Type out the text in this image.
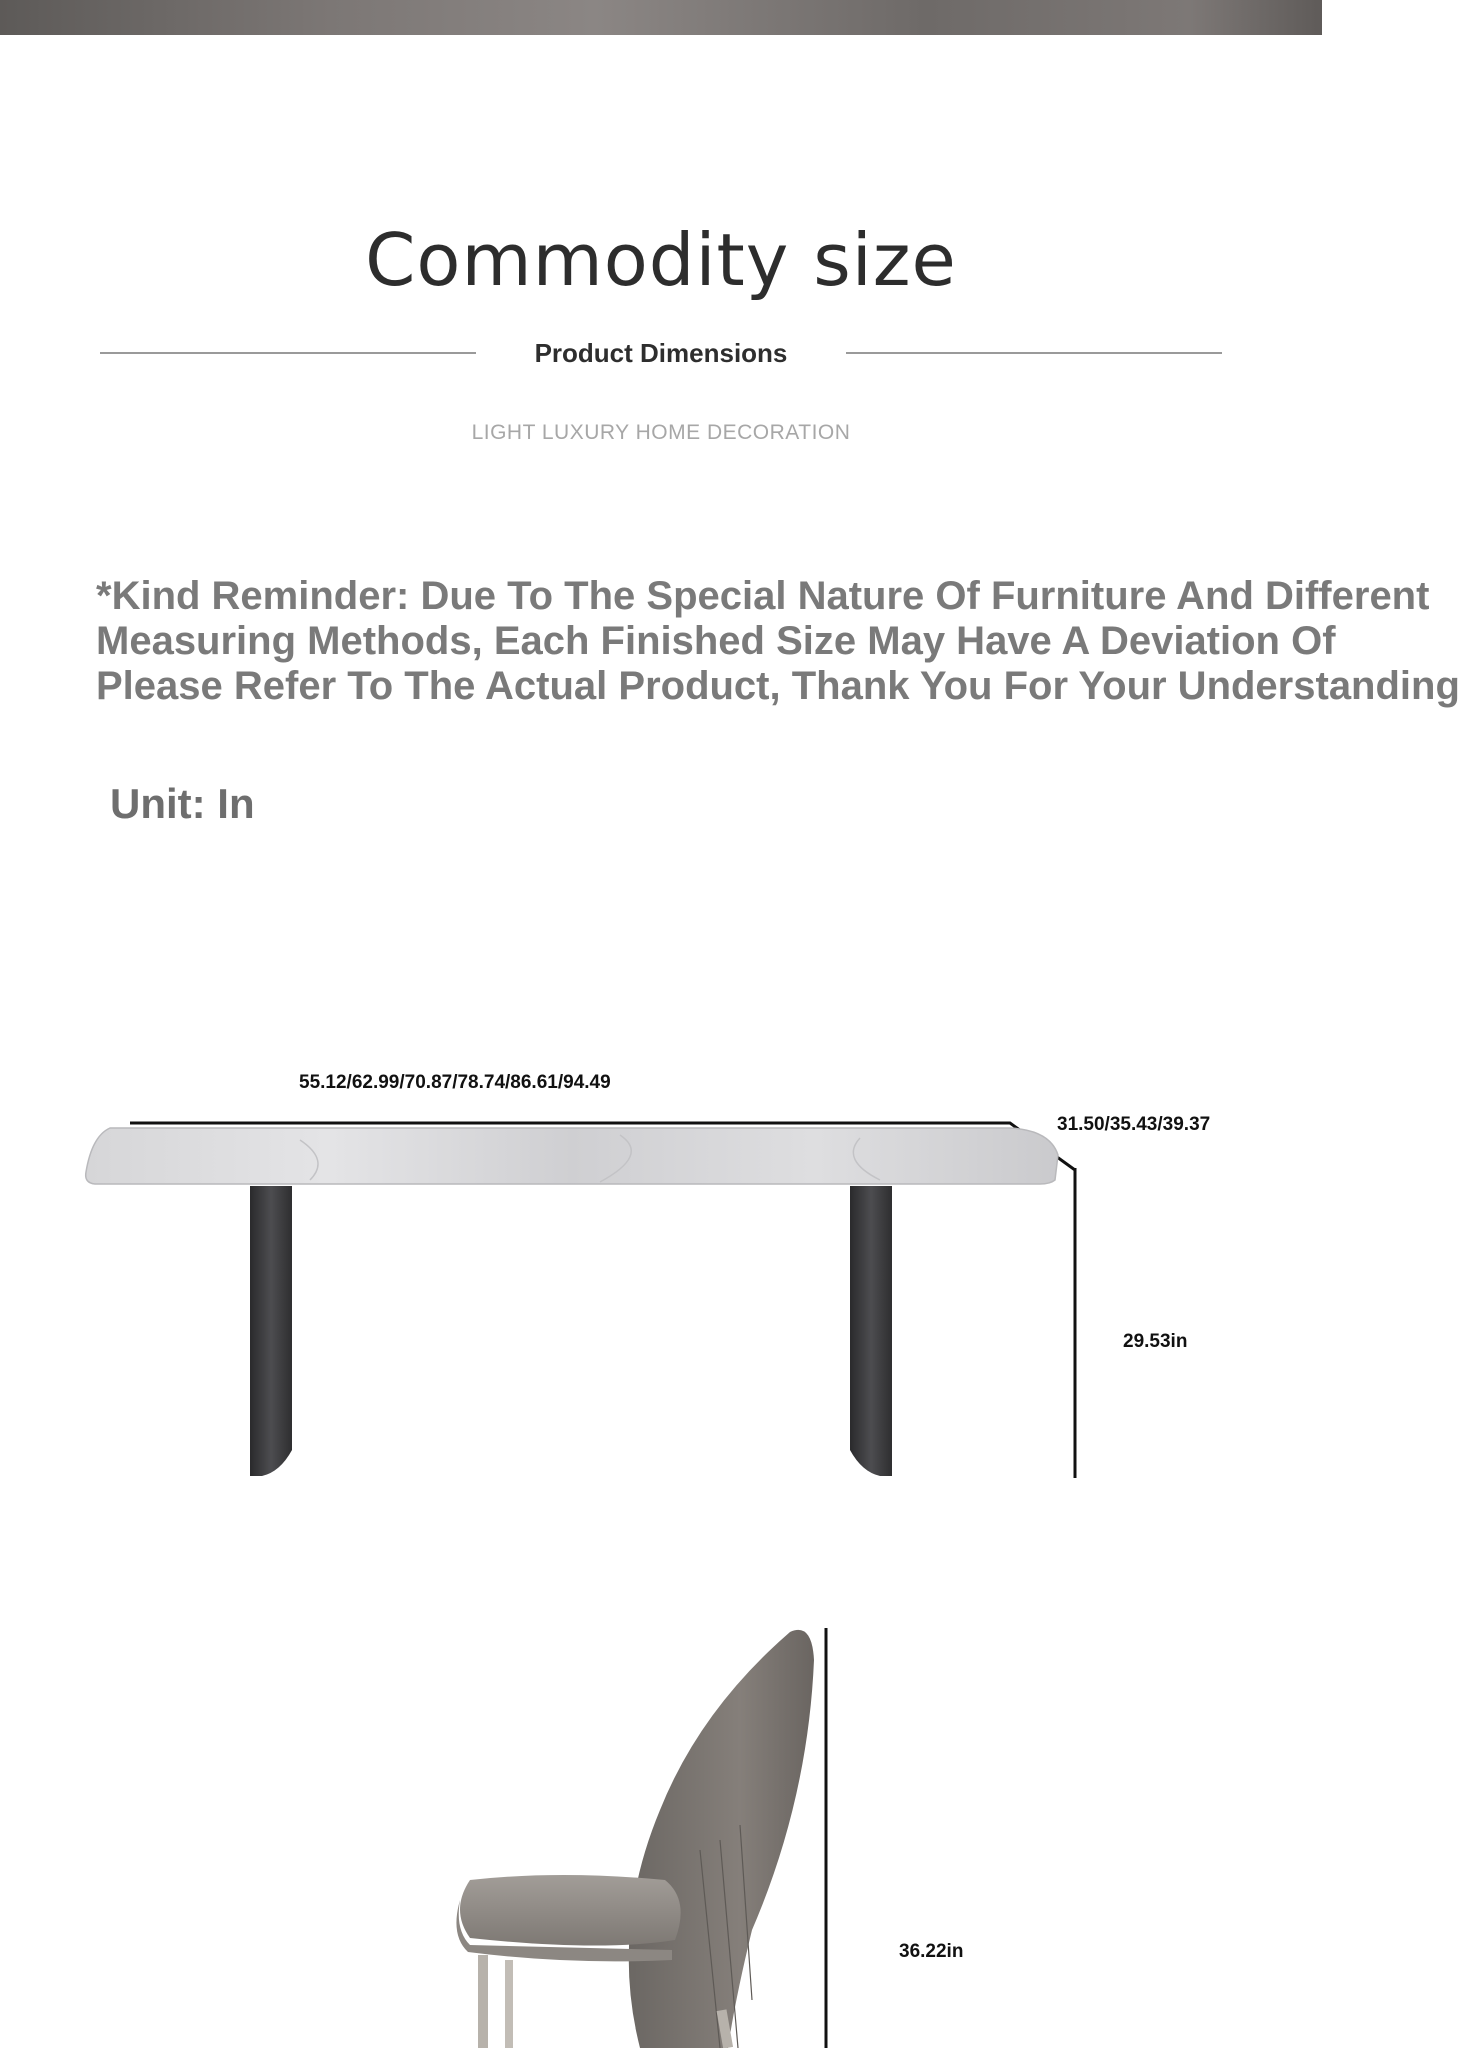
Commodity size
Product Dimensions
LIGHT LUXURY HOME DECORATION
*Kind Reminder: Due To The Special Nature Of Furniture And Different
Measuring Methods, Each Finished Size May Have A Deviation Of
Please Refer To The Actual Product, Thank You For Your Understanding
Unit: In
55.12/62.99/70.87/78.74/86.61/94.49
31.50/35.43/39.37
29.53in
36.22in
